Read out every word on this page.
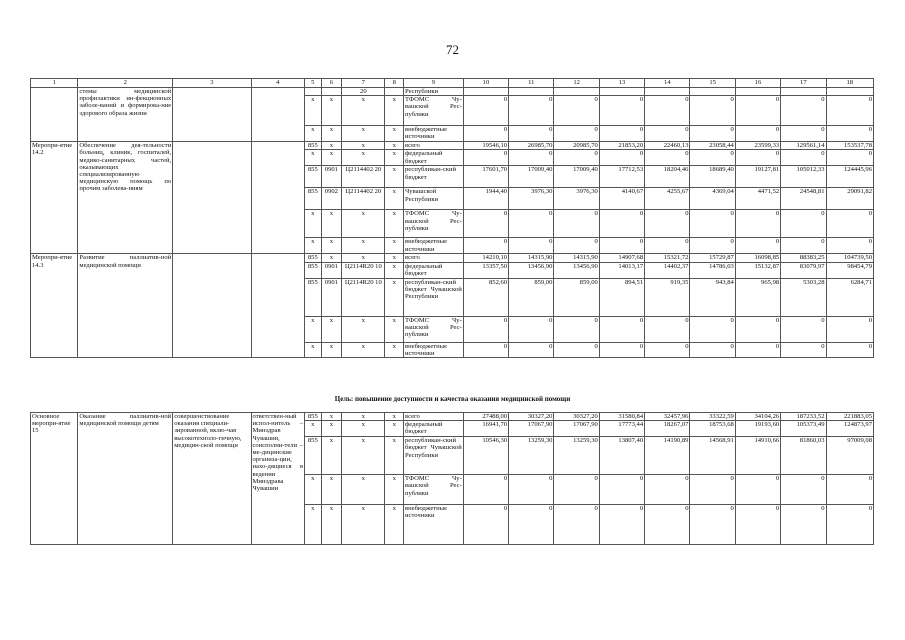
72
1	2	3	4	5	6	7	8	9	10	11	12	13	14	15	16	17	18
	стемы медицинской профилактики ин-фекционных заболе-ваний и формирова-ние здорового образа жизни					20		Республики									
				x	x	x	x	ТФОМС Чу-вашской Рес-публики	0	0	0	0	0	0	0	0	0
				x	x	x	x	внебюджетные источники	0	0	0	0	0	0	0	0	0
Меропри-ятие 14.2	Обеспечение дея-тельности больниц, клиник, госпиталей, медико-санитарных частей, оказывающих специализированную медицинскую помощь по прочим заболева-ниям			855	x	x	x	всего	19546,10	26985,70	20985,70	21853,20	22460,13	23058,44	23599,33	129561,14	153537,78
				x	x	x	x	федеральный бюджет	0	0	0	0	0	0	0	0	0
				855	0901	Ц2114402 20	x	республикан-ский бюджет	17601,70	17009,40	17009,40	17712,53	18204,46	18689,40	19127,81	105012,33	124445,96
				855	0902	Ц2114402 20	x	Чувашской Республики	1944,40	3976,30	3976,30	4140,67	4255,67	4369,04	4471,52	24548,81	29091,82
				x	x	x	x	ТФОМС Чу-вашской Рес-публики	0	0	0	0	0	0	0	0	0
				x	x	x	x	внебюджетные источники	0	0	0	0	0	0	0	0	0
Меропри-ятие 14.3	Развитие паллиатив-ной медицинской помощи			855	x	x	x	всего	14210,10	14315,90	14315,90	14907,68	15321,72	15729,87	16098,85	88383,25	104739,50
				855	0901	Ц2114R20 10	x	федеральный бюджет	13357,50	13456,90	13456,90	14013,17	14402,37	14786,03	15132,87	83079,97	98454,79
				855	0901	Ц2114R20 10	x	республикан-ский бюджет Чувашской Республики	852,60	859,00	859,00	894,51	919,35	943,84	965,98	5303,28	6284,71
				x	x	x	x	ТФОМС Чу-вашской Рес-публики	0	0	0	0	0	0	0	0	0
				x	x	x	x	внебюджетные источники	0	0	0	0	0	0	0	0	0
Цель: повышение доступности и качества оказания медицинской помощи
Основное меропри-ятие 15	Оказание паллиатив-ной медицинской помощи детям	совершенствование оказания специали-зированной, вклю-чая высокотехноло-гичную, медицин-ской помощи	ответствен-ный испол-нитель – Минздрав Чувашии, соисполни-тели – ме-дицинские организа-ции, нахо-дящиеся в ведении Минздрава Чувашии	855	x	x	x	всего	27488,00	30327,20	30327,20	31580,84	32457,96	33322,59	34104,26	187233,52	221883,05
				x	x	x	x	федеральный бюджет	16941,70	17067,90	17067,90	17773,44	18267,07	18753,68	19193,60	105373,49	124873,97
				855	x	x	x	республикан-ский бюджет Чувашской Республики	10546,30	13259,30	13259,30	13807,40	14190,89	14568,91	14910,66	81860,03	97009,08
				x	x	x	x	ТФОМС Чу-вашской Рес-публики	0	0	0	0	0	0	0	0	0
				x	x	x	x	внебюджетные источники	0	0	0	0	0	0	0	0	0
